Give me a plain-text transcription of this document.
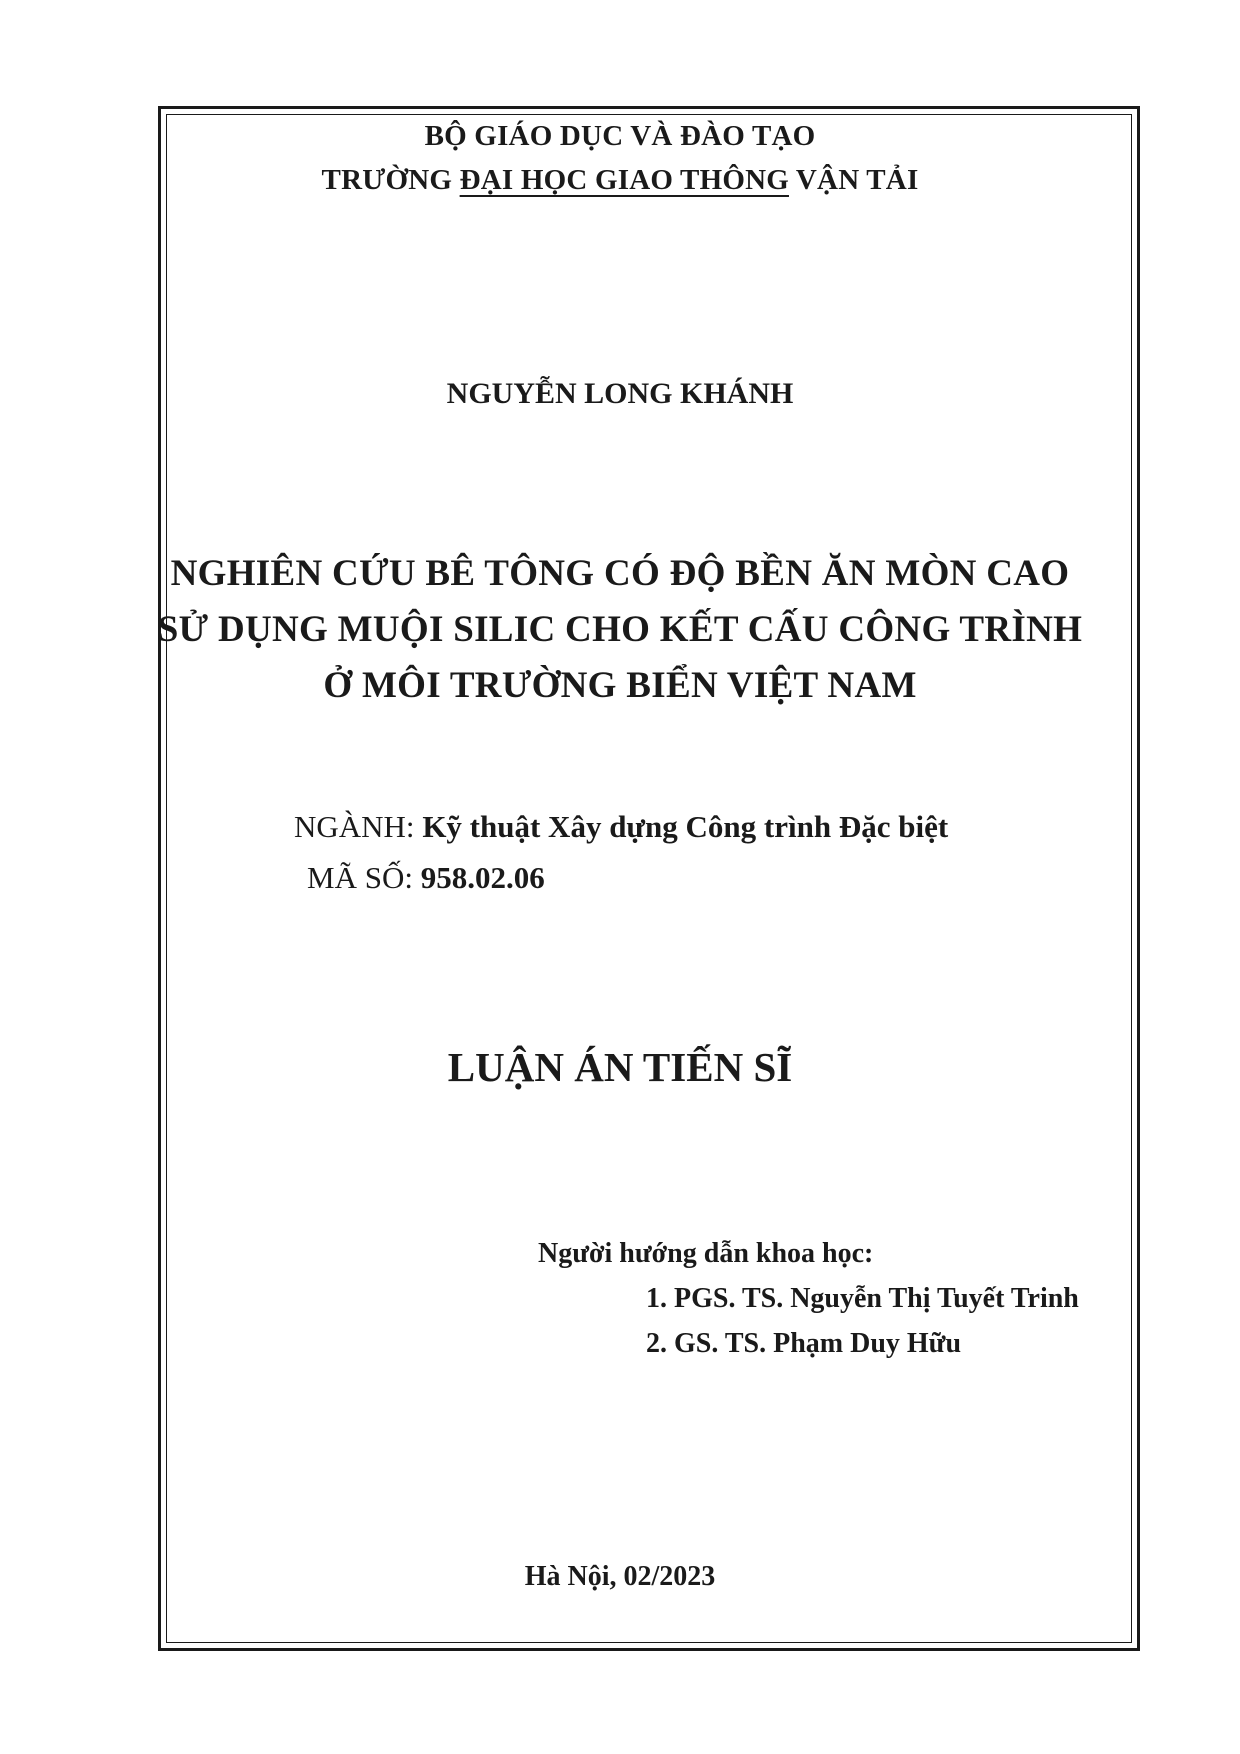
BỘ GIÁO DỤC VÀ ĐÀO TẠO
TRƯỜNG ĐẠI HỌC GIAO THÔNG VẬN TẢI
NGUYỄN LONG KHÁNH
NGHIÊN CỨU BÊ TÔNG CÓ ĐỘ BỀN ĂN MÒN CAO
SỬ DỤNG MUỘI SILIC CHO KẾT CẤU CÔNG TRÌNH
Ở MÔI TRƯỜNG BIỂN VIỆT NAM
NGÀNH: Kỹ thuật Xây dựng Công trình Đặc biệt
MÃ SỐ: 958.02.06
LUẬN ÁN TIẾN SĨ
Người hướng dẫn khoa học:
1. PGS. TS. Nguyễn Thị Tuyết Trinh
2. GS. TS. Phạm Duy Hữu
Hà Nội, 02/2023
